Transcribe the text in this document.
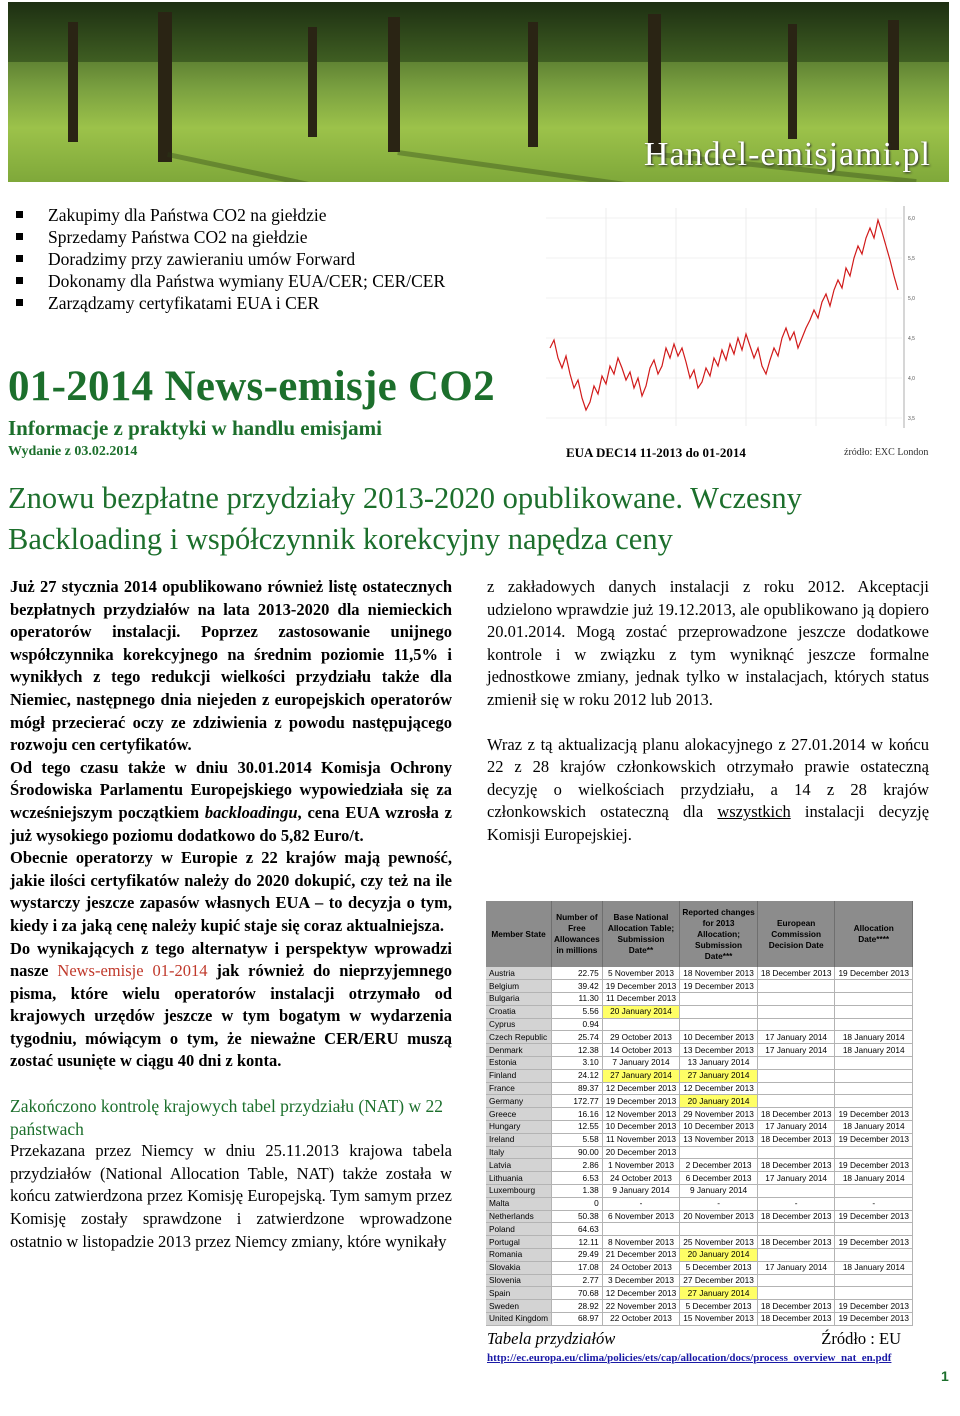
Handel-emisjami.pl
Zakupimy dla Państwa CO2 na giełdzie
Sprzedamy Państwa CO2 na giełdzie
Doradzimy przy zawieraniu umów Forward
Dokonamy dla Państwa wymiany EUA/CER; CER/CER
Zarządzamy certyfikatami EUA i CER
6,0
5,5
5,0
4,5
4,0
3,5
EUA DEC14 11-2013 do 01-2014	źródło: EXC London
01-2014 News-emisje CO2
Informacje z praktyki w handlu emisjami
Wydanie z 03.02.2014
Znowu bezpłatne przydziały 2013-2020 opublikowane. Wczesny Backloading i współczynnik korekcyjny napędza ceny

Już 27 stycznia 2014 opublikowano również listę ostatecznych bezpłatnych przydziałów na lata 2013-2020 dla niemieckich operatorów instalacji. Poprzez zastosowanie unijnego współczynnika korekcyjnego na średnim poziomie 11,5% i wynikłych z tego redukcji wielkości przydziału także dla Niemiec, następnego dnia niejeden z europejskich operatorów mógł przecierać oczy ze zdziwienia z powodu następującego rozwoju cen certyfikatów.

Od tego czasu także w dniu 30.01.2014 Komisja Ochrony Środowiska Parlamentu Europejskiego wypowiedziała się za wcześniejszym początkiem backloadingu, cena EUA wzrosła z już wysokiego poziomu dodatkowo do 5,82 Euro/t.

Obecnie operatorzy w Europie z 22 krajów mają pewność, jakie ilości certyfikatów należy do 2020 dokupić, czy też na ile wystarczy jeszcze zapasów własnych EUA – to decyzja o tym, kiedy i za jaką cenę należy kupić staje się coraz aktualniejsza.

Do wynikających z tego alternatyw i perspektyw wprowadzi nasze News-emisje 01-2014 jak również do nieprzyjemnego pisma, które wielu operatorów instalacji otrzymało od krajowych urzędów jeszcze w tym bogatym w wydarzenia tygodniu, mówiącym o tym, że nieważne CER/ERU muszą zostać usunięte w ciągu 40 dni z konta.

Zakończono kontrolę krajowych tabel przydziału (NAT) w 22 państwach

Przekazana przez Niemcy w dniu 25.11.2013 krajowa tabela przydziałów (National Allocation Table, NAT) także została w końcu zatwierdzona przez Komisję Europejską. Tym samym przez Komisję zostały sprawdzone i zatwierdzone wprowadzone ostatnio w listopadzie 2013 przez Niemcy zmiany, które wynikały

z zakładowych danych instalacji z roku 2012. Akceptacji udzielono wprawdzie już 19.12.2013, ale opublikowano ją dopiero 20.01.2014. Mogą zostać przeprowadzone jeszcze dodatkowe kontrole i w związku z tym wyniknąć jeszcze formalne jednostkowe zmiany, jednak tylko w instalacjach, których status zmienił się w roku 2012 lub 2013.

Wraz z tą aktualizacją planu alokacyjnego z 27.01.2014 w końcu 22 z 28 krajów członkowskich otrzymało prawie ostateczną decyzję o wielkościach przydziału, a 14 z 28 krajów członkowskich ostateczną dla wszystkich instalacji decyzję Komisji Europejskiej.

Member State	Number of Free Allowances in millions	Base National Allocation Table; Submission Date**	Reported changes for 2013 Allocation; Submission Date***	European Commission Decision Date	Allocation Date****
Austria	22.75	5 November 2013	18 November 2013	18 December 2013	19 December 2013
Belgium	39.42	19 December 2013	19 December 2013		
Bulgaria	11.30	11 December 2013			
Croatia	5.56	20 January 2014			
Cyprus	0.94				
Czech Republic	25.74	29 October 2013	10 December 2013	17 January 2014	18 January 2014
Denmark	12.38	14 October 2013	13 December 2013	17 January 2014	18 January 2014
Estonia	3.10	7 January 2014	13 January 2014		
Finland	24.12	27 January 2014	27 January 2014		
France	89.37	12 December 2013	12 December 2013		
Germany	172.77	19 December 2013	20 January 2014		
Greece	16.16	12 November 2013	29 November 2013	18 December 2013	19 December 2013
Hungary	12.55	10 December 2013	10 December 2013	17 January 2014	18 January 2014
Ireland	5.58	11 November 2013	13 November 2013	18 December 2013	19 December 2013
Italy	90.00	20 December 2013			
Latvia	2.86	1 November 2013	2 December 2013	18 December 2013	19 December 2013
Lithuania	6.53	24 October 2013	6 December 2013	17 January 2014	18 January 2014
Luxembourg	1.38	9 January 2014	9 January 2014		
Malta	0	-	-	-	-
Netherlands	50.38	6 November 2013	20 November 2013	18 December 2013	19 December 2013
Poland	64.63				
Portugal	12.11	8 November 2013	25 November 2013	18 December 2013	19 December 2013
Romania	29.49	21 December 2013	20 January 2014		
Slovakia	17.08	24 October 2013	5 December 2013	17 January 2014	18 January 2014
Slovenia	2.77	3 December 2013	27 December 2013		
Spain	70.68	12 December 2013	27 January 2014		
Sweden	28.92	22 November 2013	5 December 2013	18 December 2013	19 December 2013
United Kingdom	68.97	22 October 2013	15 November 2013	18 December 2013	19 December 2013
Tabela przydziałów	Źródło : EU
http://ec.europa.eu/clima/policies/ets/cap/allocation/docs/process_overview_nat_en.pdf
1
